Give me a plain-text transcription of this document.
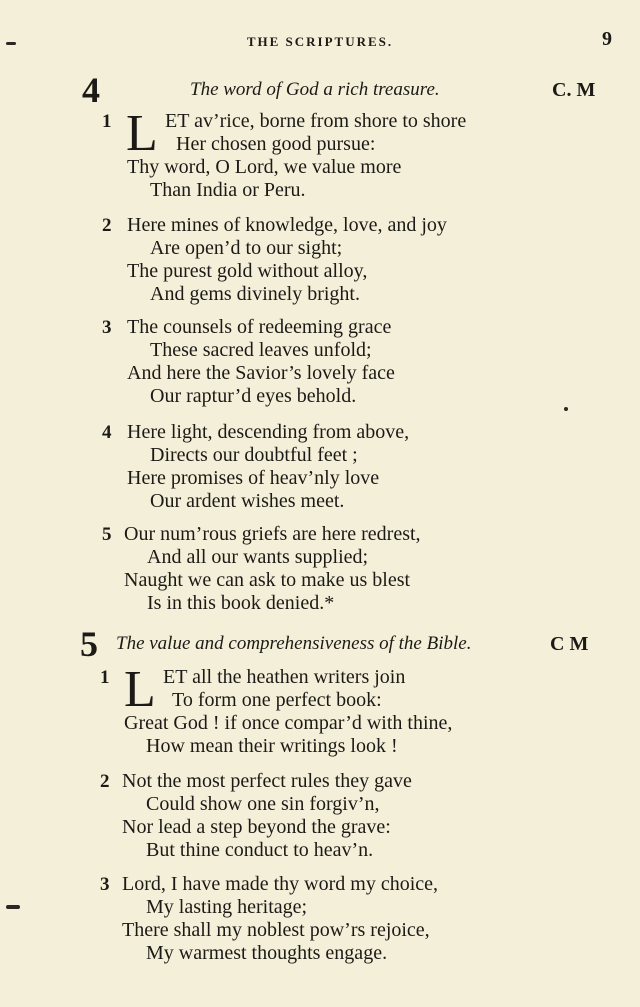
THE SCRIPTURES.	9
4	The word of God a rich treasure.	C. M
1 L ET av’rice, borne from shore to shore
Her chosen good pursue:
Thy word, O Lord, we value more
Than India or Peru.
2 Here mines of knowledge, love, and joy
Are open’d to our sight;
The purest gold without alloy,
And gems divinely bright.
3 The counsels of redeeming grace
These sacred leaves unfold;
And here the Savior’s lovely face
Our raptur’d eyes behold.
4 Here light, descending from above,
Directs our doubtful feet ;
Here promises of heav’nly love
Our ardent wishes meet.
5 Our num’rous griefs are here redrest,
And all our wants supplied;
Naught we can ask to make us blest
Is in this book denied.*
5 The value and comprehensiveness of the Bible.	C M
1 L ET all the heathen writers join
To form one perfect book:
Great God ! if once compar’d with thine,
How mean their writings look !
2 Not the most perfect rules they gave
Could show one sin forgiv’n,
Nor lead a step beyond the grave:
But thine conduct to heav’n.
3 Lord, I have made thy word my choice,
My lasting heritage;
There shall my noblest pow’rs rejoice,
My warmest thoughts engage.
